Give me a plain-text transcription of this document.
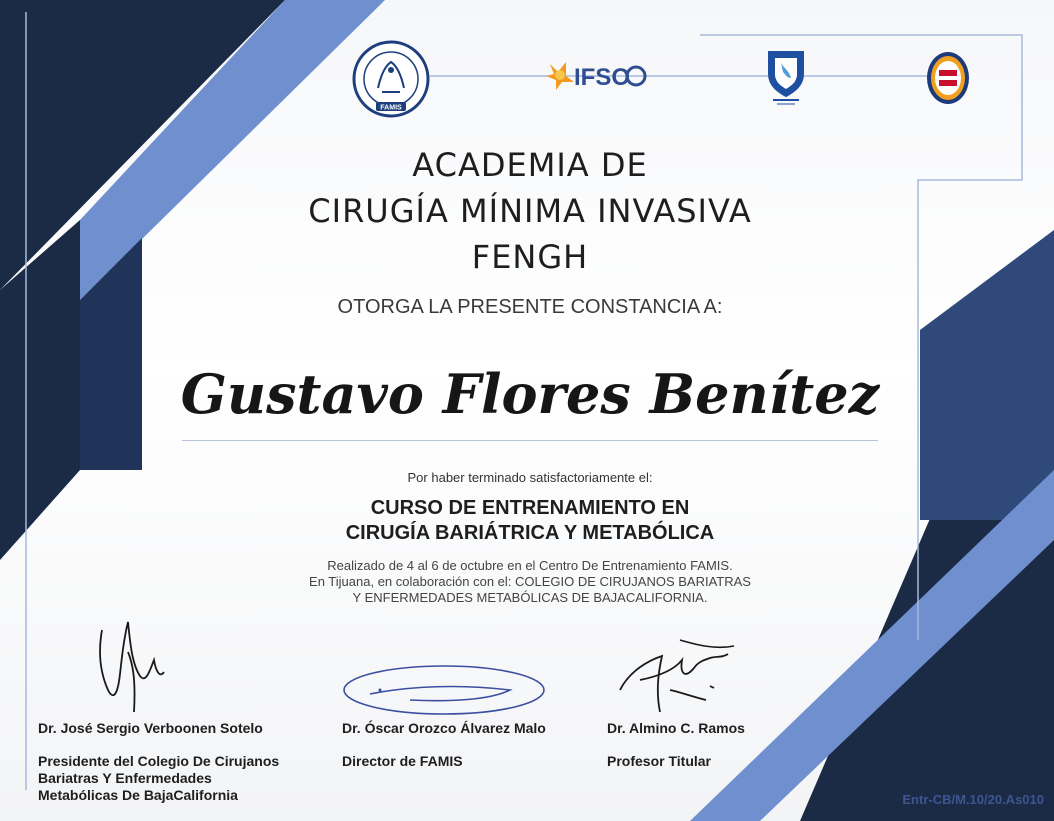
FAMIS
IFSO
ACADEMIA DE
CIRUGÍA MÍNIMA INVASIVA
FENGH
OTORGA LA PRESENTE CONSTANCIA A:
Gustavo Flores Benítez
Por haber terminado satisfactoriamente el:
CURSO DE ENTRENAMIENTO EN
CIRUGÍA BARIÁTRICA Y METABÓLICA
Realizado de 4 al 6 de octubre en el Centro De Entrenamiento FAMIS.
En Tijuana, en colaboración con el: COLEGIO DE CIRUJANOS BARIATRAS
Y ENFERMEDADES METABÓLICAS DE BAJACALIFORNIA.
Dr. José Sergio Verboonen Sotelo
Presidente del Colegio De Cirujanos
Bariatras Y Enfermedades
Metabólicas De BajaCalifornia
Dr. Óscar Orozco Álvarez Malo
Director de FAMIS
Dr. Almino C. Ramos
Profesor Titular
Entr-CB/M.10/20.As010
